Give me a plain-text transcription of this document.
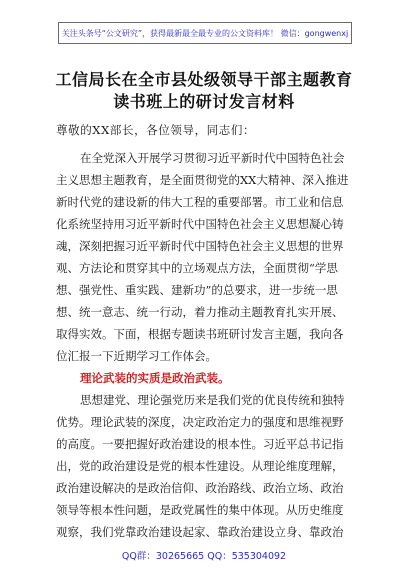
关注头条号“公文研究”，获得最新最全最专业的公文资料库！ 微信：gongwenxj
工信局长在全市县处级领导干部主题教育
读书班上的研讨发言材料
尊敬的XX部长，各位领导，同志们：
在全党深入开展学习贯彻习近平新时代中国特色社会
主义思想主题教育，是全面贯彻党的XX大精神、深入推进
新时代党的建设新的伟大工程的重要部署。市工业和信息
化系统坚持用习近平新时代中国特色社会主义思想凝心铸
魂，深刻把握习近平新时代中国特色社会主义思想的世界
观、方法论和贯穿其中的立场观点方法，全面贯彻“学思
想、强党性、重实践、建新功”的总要求，进一步统一思
想、统一意志、统一行动，着力推动主题教育扎实开展、
取得实效。下面，根据专题读书班研讨发言主题，我向各
位汇报一下近期学习工作体会。
理论武装的实质是政治武装。
思想建党、理论强党历来是我们党的优良传统和独特
优势。理论武装的深度，决定政治定力的强度和思维视野
的高度。一要把握好政治建设的根本性。习近平总书记指
出，党的政治建设是党的根本性建设。从理论维度理解，
政治建设解决的是政治信仰、政治路线、政治立场、政治
领导等根本性问题，是政党属性的集中体现。从历史维度
观察，我们党靠政治建设起家、靠政治建设立身、靠政治
QQ群：30265665 QQ：535304092
